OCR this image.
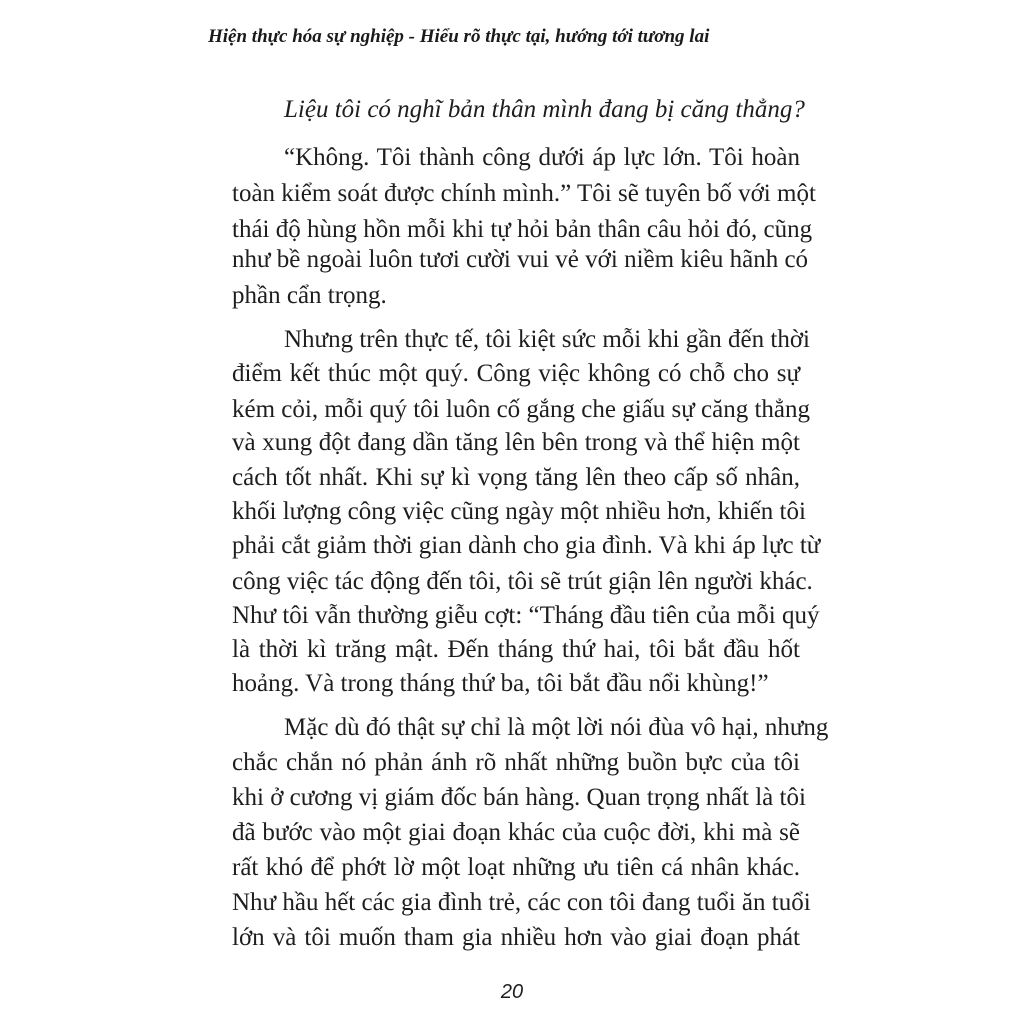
Hiện thực hóa sự nghiệp - Hiểu rõ thực tại, hướng tới tương lai
Liệu tôi có nghĩ bản thân mình đang bị căng thẳng?
“Không. Tôi thành công dưới áp lực lớn. Tôi hoàn
toàn kiểm soát được chính mình.” Tôi sẽ tuyên bố với một
thái độ hùng hồn mỗi khi tự hỏi bản thân câu hỏi đó, cũng
như bề ngoài luôn tươi cười vui vẻ với niềm kiêu hãnh có
phần cẩn trọng.
Nhưng trên thực tế, tôi kiệt sức mỗi khi gần đến thời
điểm kết thúc một quý. Công việc không có chỗ cho sự
kém cỏi, mỗi quý tôi luôn cố gắng che giấu sự căng thẳng
và xung đột đang dần tăng lên bên trong và thể hiện một
cách tốt nhất. Khi sự kì vọng tăng lên theo cấp số nhân,
khối lượng công việc cũng ngày một nhiều hơn, khiến tôi
phải cắt giảm thời gian dành cho gia đình. Và khi áp lực từ
công việc tác động đến tôi, tôi sẽ trút giận lên người khác.
Như tôi vẫn thường giễu cợt: “Tháng đầu tiên của mỗi quý
là thời kì trăng mật. Đến tháng thứ hai, tôi bắt đầu hốt
hoảng. Và trong tháng thứ ba, tôi bắt đầu nổi khùng!”
Mặc dù đó thật sự chỉ là một lời nói đùa vô hại, nhưng
chắc chắn nó phản ánh rõ nhất những buồn bực của tôi
khi ở cương vị giám đốc bán hàng. Quan trọng nhất là tôi
đã bước vào một giai đoạn khác của cuộc đời, khi mà sẽ
rất khó để phớt lờ một loạt những ưu tiên cá nhân khác.
Như hầu hết các gia đình trẻ, các con tôi đang tuổi ăn tuổi
lớn và tôi muốn tham gia nhiều hơn vào giai đoạn phát
20
